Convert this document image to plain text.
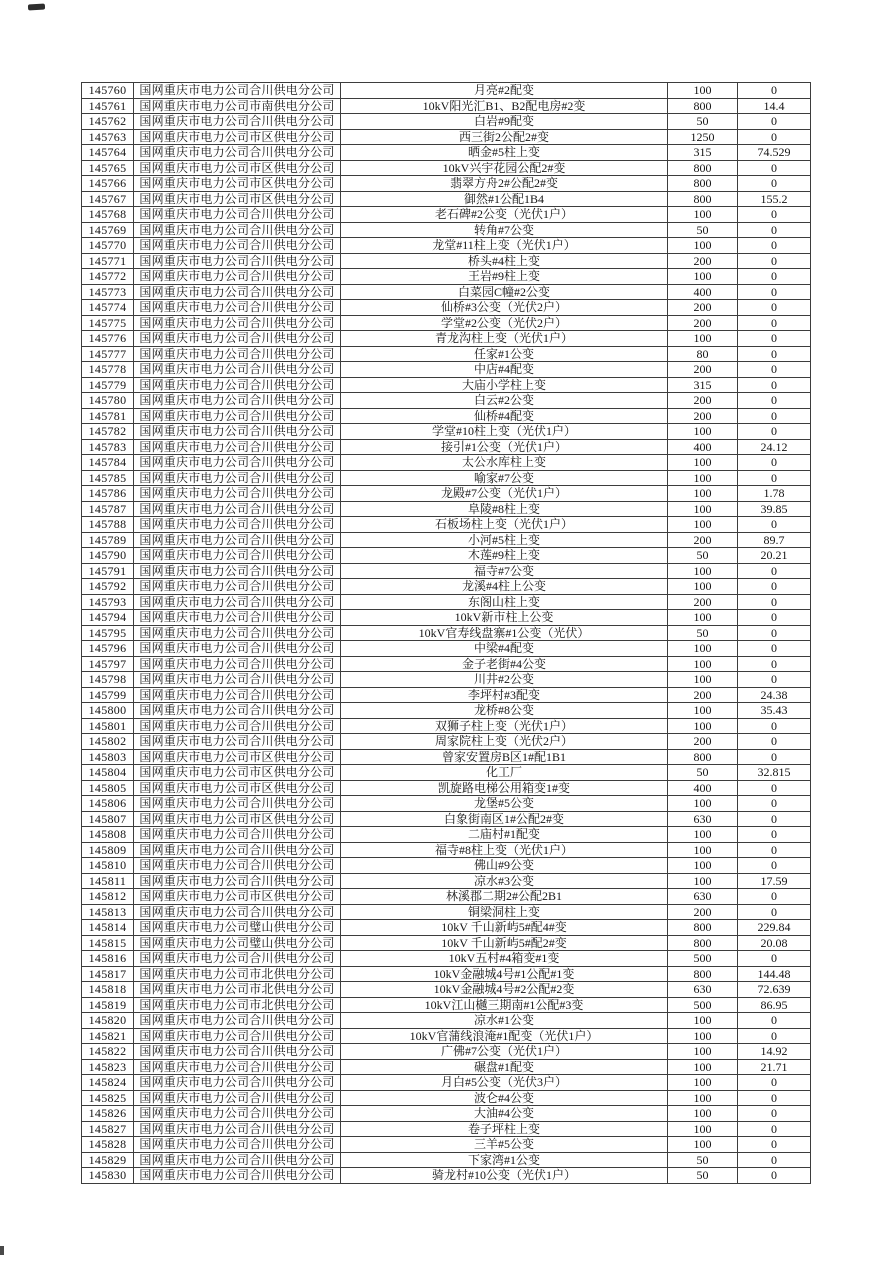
145760	国网重庆市电力公司合川供电分公司	月亮#2配变	100	0
145761	国网重庆市电力公司市南供电分公司	10kV阳光汇B1、B2配电房#2变	800	14.4
145762	国网重庆市电力公司合川供电分公司	白岩#9配变	50	0
145763	国网重庆市电力公司市区供电分公司	西三街2公配2#变	1250	0
145764	国网重庆市电力公司合川供电分公司	晒金#5柱上变	315	74.529
145765	国网重庆市电力公司市区供电分公司	10kV兴宇花园公配2#变	800	0
145766	国网重庆市电力公司市区供电分公司	翡翠方舟2#公配2#变	800	0
145767	国网重庆市电力公司市区供电分公司	御然#1公配1B4	800	155.2
145768	国网重庆市电力公司合川供电分公司	老石碑#2公变（光伏1户）	100	0
145769	国网重庆市电力公司合川供电分公司	转角#7公变	50	0
145770	国网重庆市电力公司合川供电分公司	龙堂#11柱上变（光伏1户）	100	0
145771	国网重庆市电力公司合川供电分公司	桥头#4柱上变	200	0
145772	国网重庆市电力公司合川供电分公司	王岩#9柱上变	100	0
145773	国网重庆市电力公司合川供电分公司	白菜园C幢#2公变	400	0
145774	国网重庆市电力公司合川供电分公司	仙桥#3公变（光伏2户）	200	0
145775	国网重庆市电力公司合川供电分公司	学堂#2公变（光伏2户）	200	0
145776	国网重庆市电力公司合川供电分公司	青龙沟柱上变（光伏1户）	100	0
145777	国网重庆市电力公司合川供电分公司	任家#1公变	80	0
145778	国网重庆市电力公司合川供电分公司	中店#4配变	200	0
145779	国网重庆市电力公司合川供电分公司	大庙小学柱上变	315	0
145780	国网重庆市电力公司合川供电分公司	白云#2公变	200	0
145781	国网重庆市电力公司合川供电分公司	仙桥#4配变	200	0
145782	国网重庆市电力公司合川供电分公司	学堂#10柱上变（光伏1户）	100	0
145783	国网重庆市电力公司合川供电分公司	接引#1公变（光伏1户）	400	24.12
145784	国网重庆市电力公司合川供电分公司	太公水库柱上变	100	0
145785	国网重庆市电力公司合川供电分公司	喻家#7公变	100	0
145786	国网重庆市电力公司合川供电分公司	龙殿#7公变（光伏1户）	100	1.78
145787	国网重庆市电力公司合川供电分公司	阜陵#8柱上变	100	39.85
145788	国网重庆市电力公司合川供电分公司	石板场柱上变（光伏1户）	100	0
145789	国网重庆市电力公司合川供电分公司	小河#5柱上变	200	89.7
145790	国网重庆市电力公司合川供电分公司	木莲#9柱上变	50	20.21
145791	国网重庆市电力公司合川供电分公司	福寺#7公变	100	0
145792	国网重庆市电力公司合川供电分公司	龙溪#4柱上公变	100	0
145793	国网重庆市电力公司合川供电分公司	东阁山柱上变	200	0
145794	国网重庆市电力公司合川供电分公司	10kV新市柱上公变	100	0
145795	国网重庆市电力公司合川供电分公司	10kV官寿线盘寨#1公变（光伏）	50	0
145796	国网重庆市电力公司合川供电分公司	中梁#4配变	100	0
145797	国网重庆市电力公司合川供电分公司	金子老街#4公变	100	0
145798	国网重庆市电力公司合川供电分公司	川井#2公变	100	0
145799	国网重庆市电力公司合川供电分公司	李坪村#3配变	200	24.38
145800	国网重庆市电力公司合川供电分公司	龙桥#8公变	100	35.43
145801	国网重庆市电力公司合川供电分公司	双狮子柱上变（光伏1户）	100	0
145802	国网重庆市电力公司合川供电分公司	周家院柱上变（光伏2户）	200	0
145803	国网重庆市电力公司市区供电分公司	曾家安置房B区1#配1B1	800	0
145804	国网重庆市电力公司市区供电分公司	化工厂	50	32.815
145805	国网重庆市电力公司市区供电分公司	凯旋路电梯公用箱变1#变	400	0
145806	国网重庆市电力公司合川供电分公司	龙堡#5公变	100	0
145807	国网重庆市电力公司市区供电分公司	白象街南区1#公配2#变	630	0
145808	国网重庆市电力公司合川供电分公司	二庙村#1配变	100	0
145809	国网重庆市电力公司合川供电分公司	福寺#8柱上变（光伏1户）	100	0
145810	国网重庆市电力公司合川供电分公司	佛山#9公变	100	0
145811	国网重庆市电力公司合川供电分公司	凉水#3公变	100	17.59
145812	国网重庆市电力公司市区供电分公司	林溪郡二期2#公配2B1	630	0
145813	国网重庆市电力公司合川供电分公司	铜梁洞柱上变	200	0
145814	国网重庆市电力公司璧山供电分公司	10kV 千山新屿5#配4#变	800	229.84
145815	国网重庆市电力公司璧山供电分公司	10kV 千山新屿5#配2#变	800	20.08
145816	国网重庆市电力公司合川供电分公司	10kV五村#4箱变#1变	500	0
145817	国网重庆市电力公司市北供电分公司	10kV金融城4号#1公配#1变	800	144.48
145818	国网重庆市电力公司市北供电分公司	10kV金融城4号#2公配#2变	630	72.639
145819	国网重庆市电力公司市北供电分公司	10kV江山樾三期南#1公配#3变	500	86.95
145820	国网重庆市电力公司合川供电分公司	凉水#1公变	100	0
145821	国网重庆市电力公司合川供电分公司	10kV官蒲线浪淹#1配变（光伏1户）	100	0
145822	国网重庆市电力公司合川供电分公司	广佛#7公变（光伏1户）	100	14.92
145823	国网重庆市电力公司合川供电分公司	碾盘#1配变	100	21.71
145824	国网重庆市电力公司合川供电分公司	月白#5公变（光伏3户）	100	0
145825	国网重庆市电力公司合川供电分公司	波仑#4公变	100	0
145826	国网重庆市电力公司合川供电分公司	大油#4公变	100	0
145827	国网重庆市电力公司合川供电分公司	卷子坪柱上变	100	0
145828	国网重庆市电力公司合川供电分公司	三羊#5公变	100	0
145829	国网重庆市电力公司合川供电分公司	下家湾#1公变	50	0
145830	国网重庆市电力公司合川供电分公司	骑龙村#10公变（光伏1户）	50	0
